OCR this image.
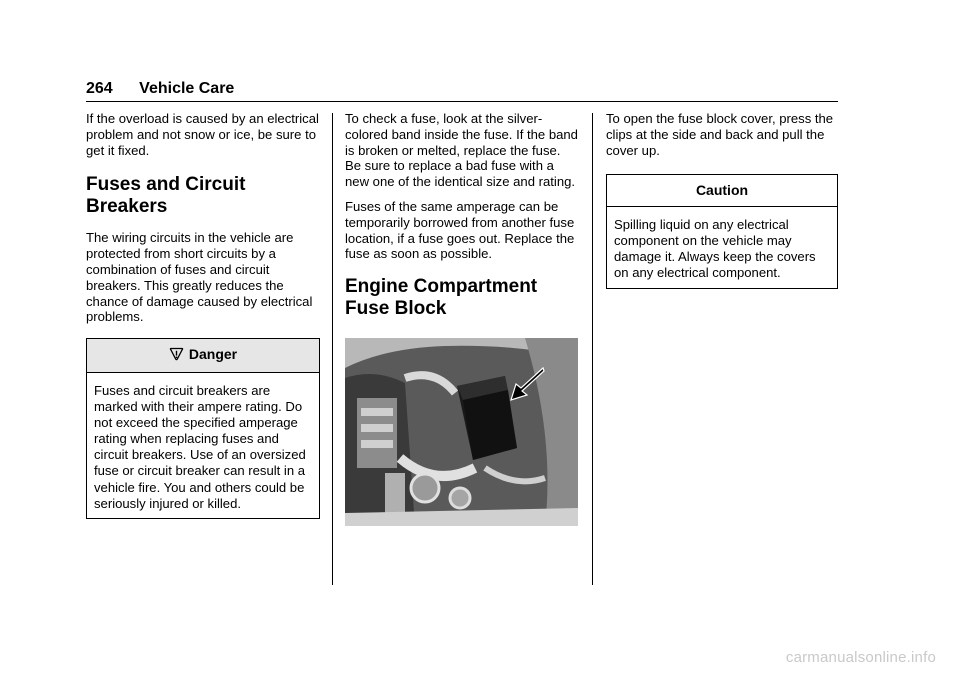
264 Vehicle Care

If the overload is caused by an electrical problem and not snow or ice, be sure to get it fixed.

Fuses and Circuit Breakers

The wiring circuits in the vehicle are protected from short circuits by a combination of fuses and circuit breakers. This greatly reduces the chance of damage caused by electrical problems.

Danger
Fuses and circuit breakers are marked with their ampere rating. Do not exceed the specified amperage rating when replacing fuses and circuit breakers. Use of an oversized fuse or circuit breaker can result in a vehicle fire. You and others could be seriously injured or killed.

To check a fuse, look at the silver-colored band inside the fuse. If the band is broken or melted, replace the fuse. Be sure to replace a bad fuse with a new one of the identical size and rating.

Fuses of the same amperage can be temporarily borrowed from another fuse location, if a fuse goes out. Replace the fuse as soon as possible.

Engine Compartment Fuse Block

To open the fuse block cover, press the clips at the side and back and pull the cover up.

Caution
Spilling liquid on any electrical component on the vehicle may damage it. Always keep the covers on any electrical component.
carmanualsonline.info
